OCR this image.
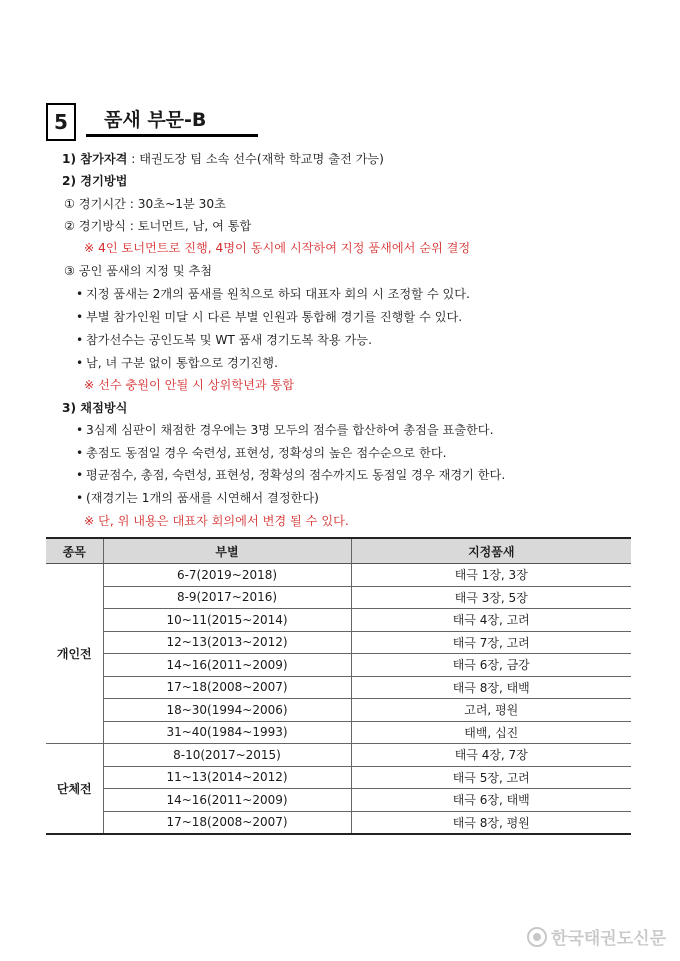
5	품새 부문-B
1) 참가자격 : 태권도장 팀 소속 선수(재학 학교명 출전 가능)
2) 경기방법
① 경기시간 : 30초~1분 30초
② 경기방식 : 토너먼트, 남, 여 통합
※ 4인 토너먼트로 진행, 4명이 동시에 시작하여 지정 품새에서 순위 결정
③ 공인 품새의 지정 및 추첨
• 지정 품새는 2개의 품새를 원칙으로 하되 대표자 회의 시 조정할 수 있다.
• 부별 참가인원 미달 시 다른 부별 인원과 통합해 경기를 진행할 수 있다.
• 참가선수는 공인도복 및 WT 품새 경기도복 착용 가능.
• 남, 녀 구분 없이 통합으로 경기진행.
※ 선수 충원이 안될 시 상위학년과 통합
3) 채점방식
• 3심제 심판이 채점한 경우에는 3명 모두의 점수를 합산하여 총점을 표출한다.
• 총점도 동점일 경우 숙련성, 표현성, 정확성의 높은 점수순으로 한다.
• 평균점수, 총점, 숙련성, 표현성, 정확성의 점수까지도 동점일 경우 재경기 한다.
• (재경기는 1개의 품새를 시연해서 결정한다)
※ 단, 위 내용은 대표자 회의에서 변경 될 수 있다.
종목	부별	지정품새
개인전	6-7(2019~2018)	태극 1장, 3장
	8-9(2017~2016)	태극 3장, 5장
	10~11(2015~2014)	태극 4장, 고려
	12~13(2013~2012)	태극 7장, 고려
	14~16(2011~2009)	태극 6장, 금강
	17~18(2008~2007)	태극 8장, 태백
	18~30(1994~2006)	고려, 평원
	31~40(1984~1993)	태백, 십진
단체전	8-10(2017~2015)	태극 4장, 7장
	11~13(2014~2012)	태극 5장, 고려
	14~16(2011~2009)	태극 6장, 태백
	17~18(2008~2007)	태극 8장, 평원
한국태권도신문
